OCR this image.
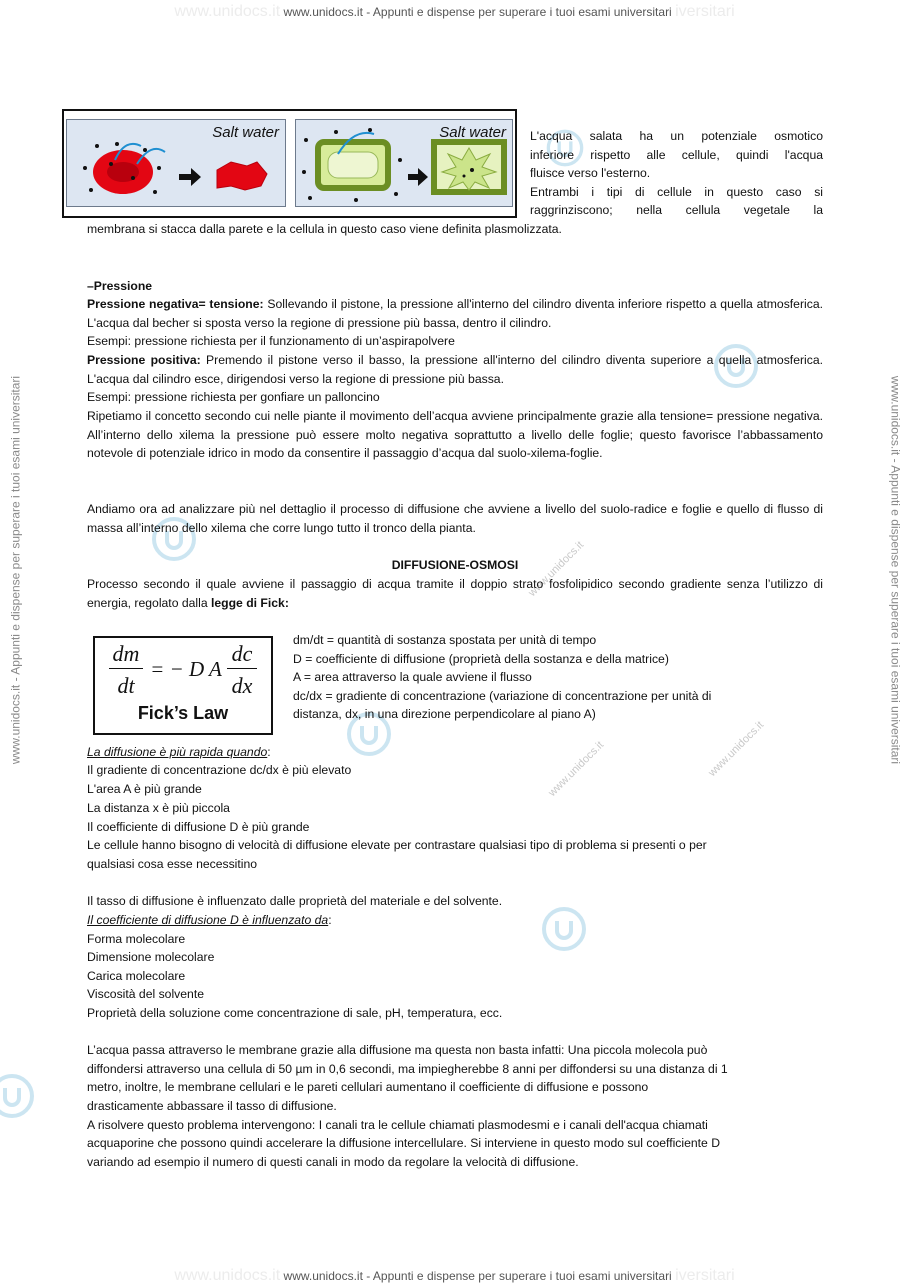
www.unidocs.it www.unidocs.it - Appunti e dispense per superare i tuoi esami universitari iversitari
www.unidocs.it www.unidocs.it - Appunti e dispense per superare i tuoi esami universitari iversitari
www.unidocs.it - Appunti e dispense per superare i tuoi esami universitari	www.unidocs.it - Appunti e dispense per superare i tuoi esami universitari
www.unidocs.it
www.unidocs.it
www.unidocs.it
Salt water	Salt water L'acqua salata ha un potenziale osmotico
inferiore rispetto alle cellule, quindi l'acqua
fluisce verso l'esterno.
Entrambi i tipi di cellule in questo caso si
raggrinziscono; nella cellula vegetale la
membrana si stacca dalla parete e la cellula in questo caso viene definita plasmolizzata.
–Pressione
Pressione negativa= tensione: Sollevando il pistone, la pressione all'interno del cilindro diventa inferiore rispetto a quella atmosferica. L'acqua dal becher si sposta verso la regione di pressione più bassa, dentro il cilindro.
Esempi: pressione richiesta per il funzionamento di un’aspirapolvere
Pressione positiva: Premendo il pistone verso il basso, la pressione all'interno del cilindro diventa superiore a quella atmosferica. L'acqua dal cilindro esce, dirigendosi verso la regione di pressione più bassa.
Esempi: pressione richiesta per gonfiare un palloncino
Ripetiamo il concetto secondo cui nelle piante il movimento dell’acqua avviene principalmente grazie alla tensione= pressione negativa. All’interno dello xilema la pressione può essere molto negativa soprattutto a livello delle foglie; questo favorisce l’abbassamento notevole di potenziale idrico in modo da consentire il passaggio d’acqua dal suolo-xilema-foglie.
Andiamo ora ad analizzare più nel dettaglio il processo di diffusione che avviene a livello del suolo-radice e foglie e quello di flusso di massa all’interno dello xilema che corre lungo tutto il tronco della pianta.
DIFFUSIONE-OSMOSI
Processo secondo il quale avviene il passaggio di acqua tramite il doppio strato fosfolipidico secondo gradiente senza l’utilizzo di energia, regolato dalla legge di Fick:
dm
dt
= − D A
dc
dx
Fick’s Law
dm/dt = quantità di sostanza spostata per unità di tempo
D = coefficiente di diffusione (proprietà della sostanza e della matrice)
A = area attraverso la quale avviene il flusso
dc/dx = gradiente di concentrazione (variazione di concentrazione per unità di
distanza, dx, in una direzione perpendicolare al piano A)
La diffusione è più rapida quando:
Il gradiente di concentrazione dc/dx è più elevato
L'area A è più grande
La distanza x è più piccola
Il coefficiente di diffusione D è più grande
Le cellule hanno bisogno di velocità di diffusione elevate per contrastare qualsiasi tipo di problema si presenti o per
qualsiasi cosa esse necessitino
Il tasso di diffusione è influenzato dalle proprietà del materiale e del solvente.
Il coefficiente di diffusione D è influenzato da:
Forma molecolare
Dimensione molecolare
Carica molecolare
Viscosità del solvente
Proprietà della soluzione come concentrazione di sale, pH, temperatura, ecc.
L’acqua passa attraverso le membrane grazie alla diffusione ma questa non basta infatti: Una piccola molecola può
diffondersi attraverso una cellula di 50 µm in 0,6 secondi, ma impiegherebbe 8 anni per diffondersi su una distanza di 1
metro, inoltre, le membrane cellulari e le pareti cellulari aumentano il coefficiente di diffusione e possono
drasticamente abbassare il tasso di diffusione.
A risolvere questo problema intervengono: I canali tra le cellule chiamati plasmodesmi e i canali dell'acqua chiamati
acquaporine che possono quindi accelerare la diffusione intercellulare. Si interviene in questo modo sul coefficiente D
variando ad esempio il numero di questi canali in modo da regolare la velocità di diffusione.
